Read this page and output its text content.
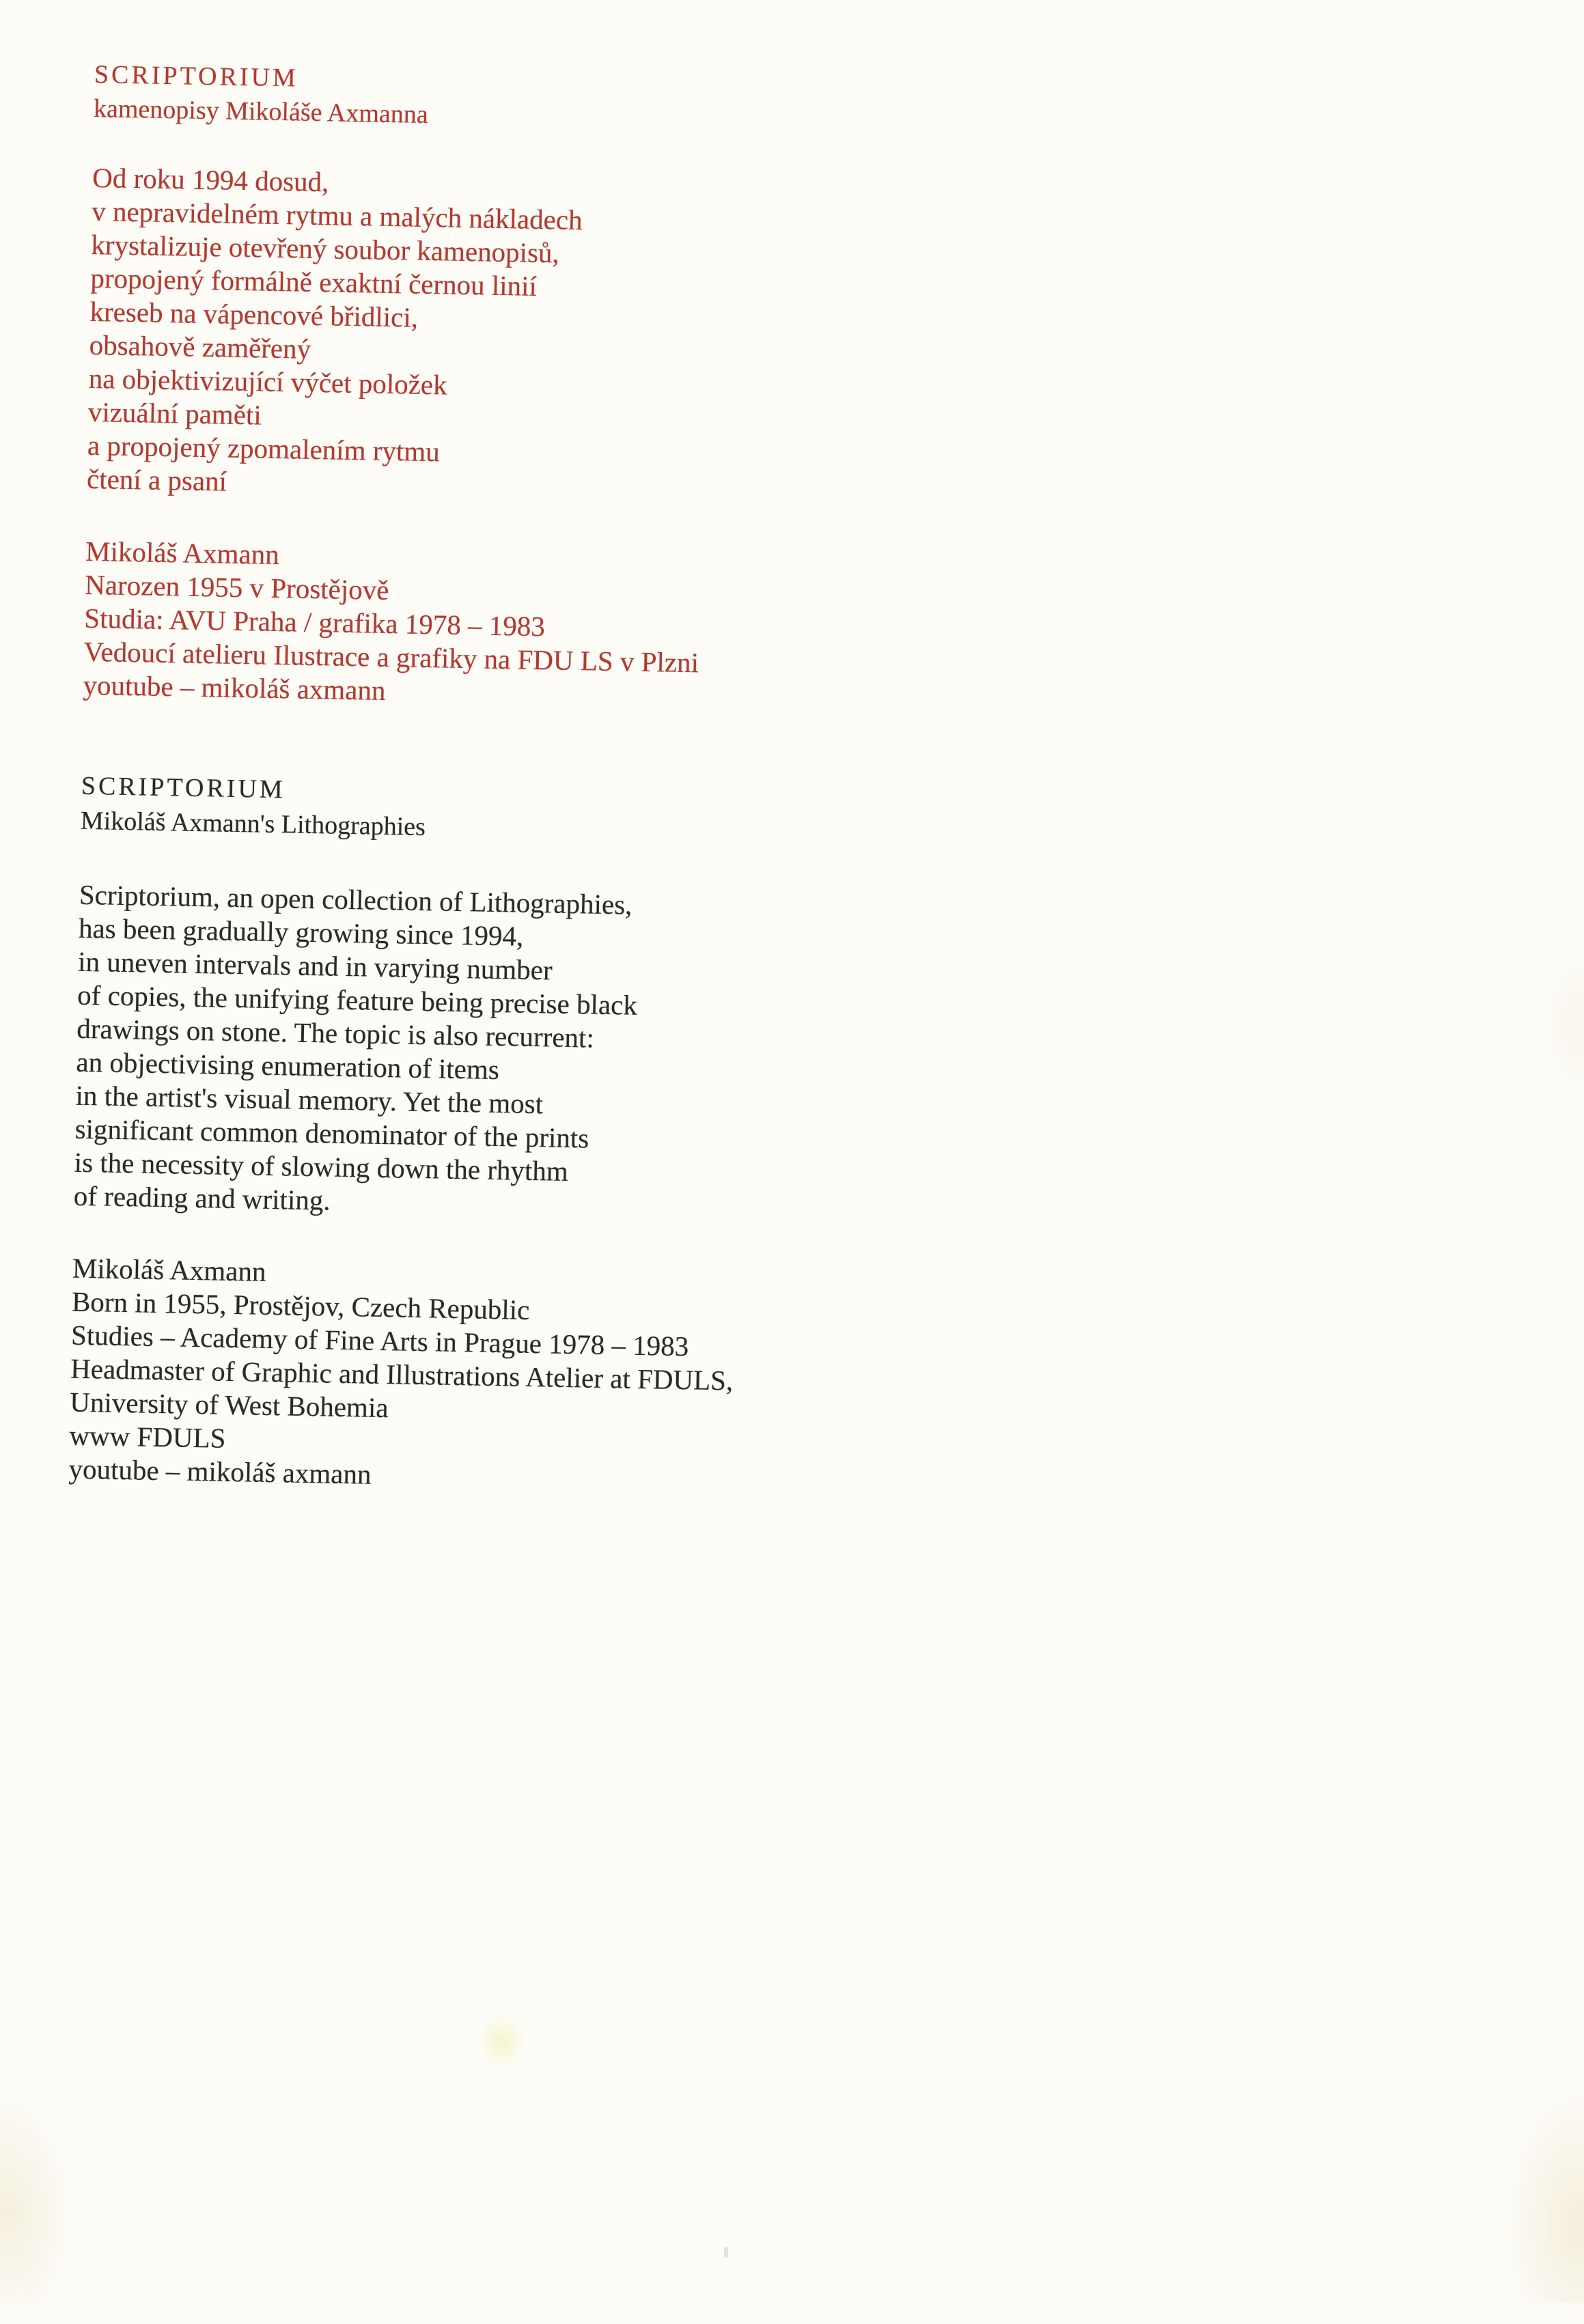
SCRIPTORIUM
kamenopisy Mikoláše Axmanna
Od roku 1994 dosud,
v nepravidelném rytmu a malých nákladech
krystalizuje otevřený soubor kamenopisů,
propojený formálně exaktní černou linií
kreseb na vápencové břidlici,
obsahově zaměřený
na objektivizující výčet položek
vizuální paměti
a propojený zpomalením rytmu
čtení a psaní
Mikoláš Axmann
Narozen 1955 v Prostějově
Studia: AVU Praha / grafika 1978 – 1983
Vedoucí atelieru Ilustrace a grafiky na FDU LS v Plzni
youtube – mikoláš axmann
SCRIPTORIUM
Mikoláš Axmann's Lithographies
Scriptorium, an open collection of Lithographies,
has been gradually growing since 1994,
in uneven intervals and in varying number
of copies, the unifying feature being precise black
drawings on stone. The topic is also recurrent:
an objectivising enumeration of items
in the artist's visual memory. Yet the most
significant common denominator of the prints
is the necessity of slowing down the rhythm
of reading and writing.
Mikoláš Axmann
Born in 1955, Prostějov, Czech Republic
Studies – Academy of Fine Arts in Prague 1978 – 1983
Headmaster of Graphic and Illustrations Atelier at FDULS,
University of West Bohemia
www FDULS
youtube – mikoláš axmann
